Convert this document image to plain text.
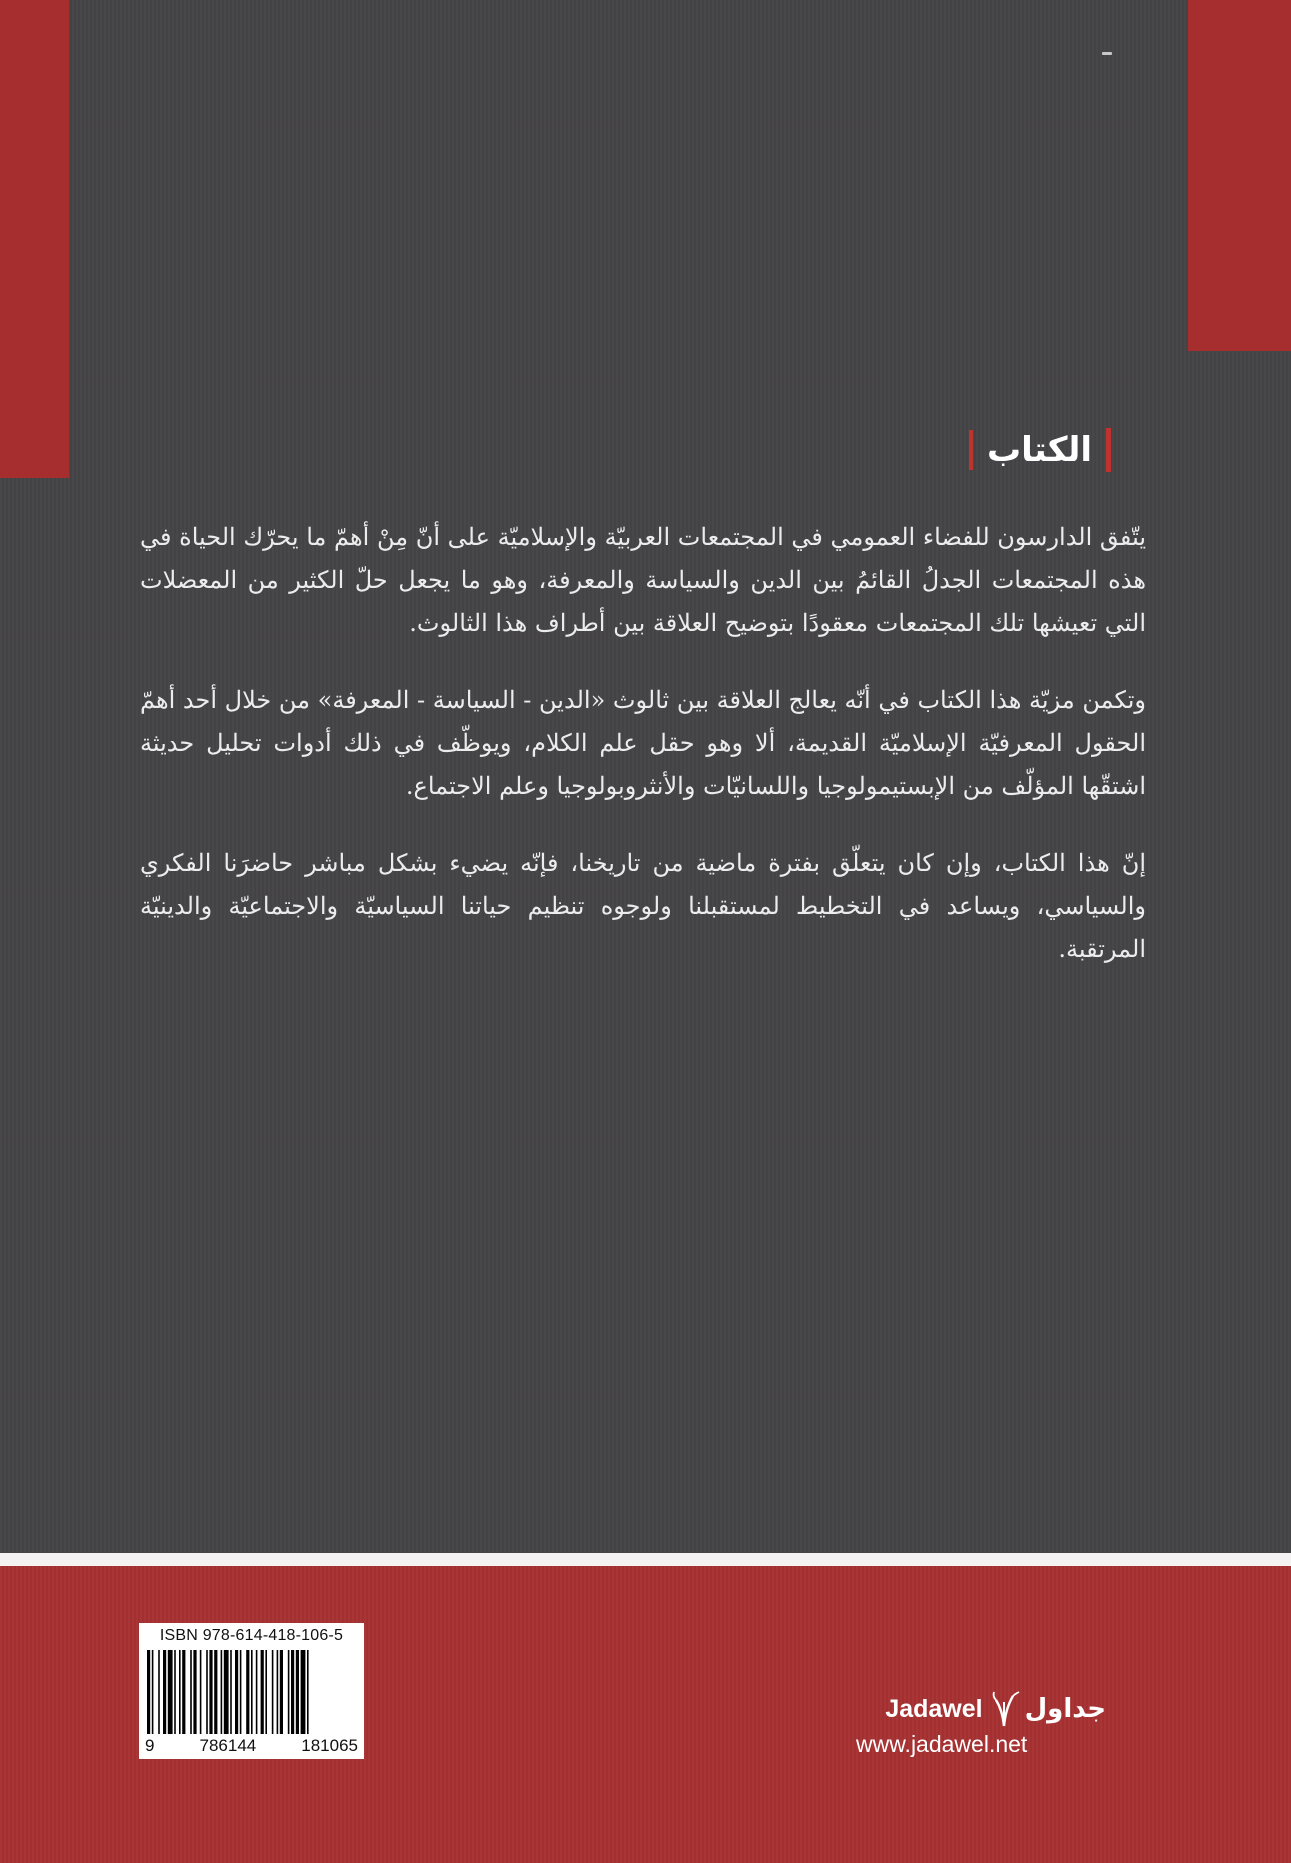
الكتاب

يتّفق الدارسون للفضاء العمومي في المجتمعات العربيّة والإسلاميّة على أنّ مِنْ أهمّ ما يحرّك الحياة في هذه المجتمعات الجدلُ القائمُ بين الدين والسياسة والمعرفة، وهو ما يجعل حلّ الكثير من المعضلات التي تعيشها تلك المجتمعات معقودًا بتوضيح العلاقة بين أطراف هذا الثالوث.

وتكمن مزيّة هذا الكتاب في أنّه يعالج العلاقة بين ثالوث «الدين - السياسة - المعرفة» من خلال أحد أهمّ الحقول المعرفيّة الإسلاميّة القديمة، ألا وهو حقل علم الكلام، ويوظّف في ذلك أدوات تحليل حديثة اشتقّها المؤلّف من الإبستيمولوجيا واللسانيّات والأنثروبولوجيا وعلم الاجتماع.

إنّ هذا الكتاب، وإن كان يتعلّق بفترة ماضية من تاريخنا، فإنّه يضيء بشكل مباشر حاضرَنا الفكري والسياسي، ويساعد في التخطيط لمستقبلنا ولوجوه تنظيم حياتنا السياسيّة والاجتماعيّة والدينيّة المرتقبة.

ISBN 978-614-418-106-5
9	786144	181065
Jadawel جداول
www.jadawel.net
